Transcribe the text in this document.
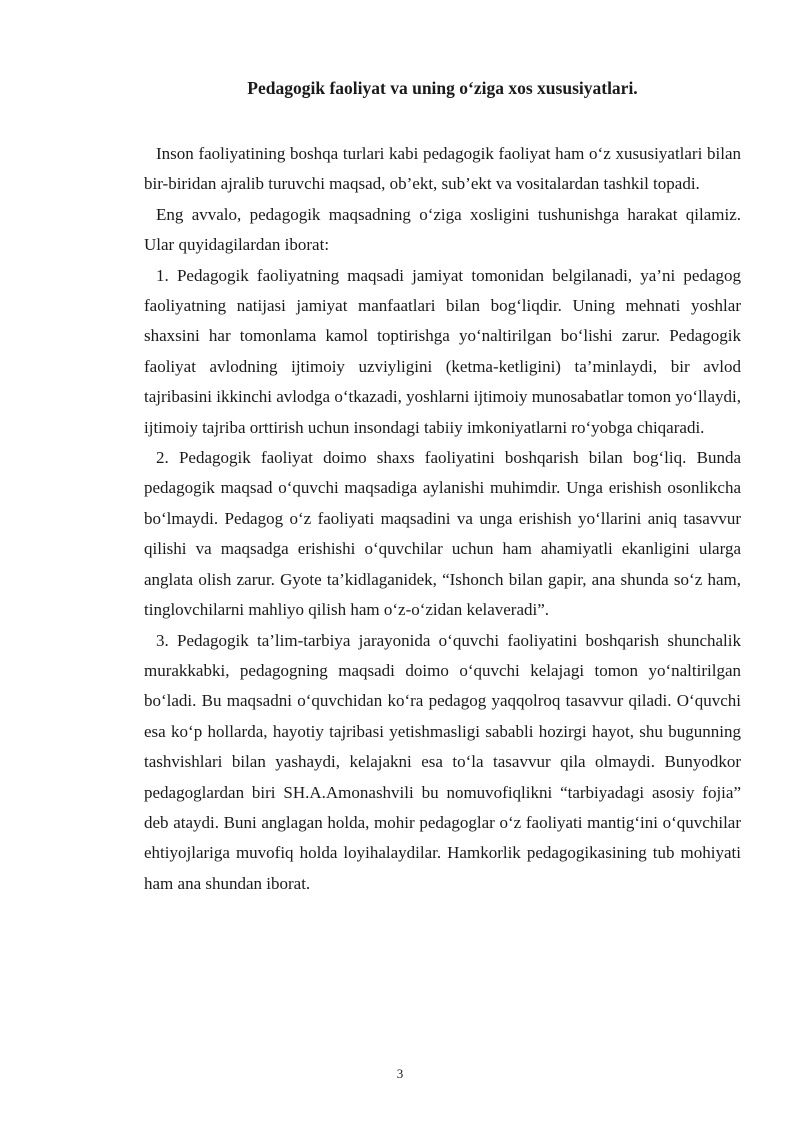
Pedagogik faoliyat va uning o‘ziga xos xususiyatlari.

Inson faoliyatining boshqa turlari kabi pedagogik faoliyat ham o‘z xususiyatlari bilan bir-biridan ajralib turuvchi maqsad, ob’ekt, sub’ekt va vositalardan tashkil topadi.

Eng avvalo, pedagogik maqsadning o‘ziga xosligini tushunishga harakat qilamiz. Ular quyidagilardan iborat:

1. Pedagogik faoliyatning maqsadi jamiyat tomonidan belgilanadi, ya’ni pedagog faoliyatning natijasi jamiyat manfaatlari bilan bog‘liqdir. Uning mehnati yoshlar shaxsini har tomonlama kamol toptirishga yo‘naltirilgan bo‘lishi zarur. Pedagogik faoliyat avlodning ijtimoiy uzviyligini (ketma-ketligini) ta’minlaydi, bir avlod tajribasini ikkinchi avlodga o‘tkazadi, yoshlarni ijtimoiy munosabatlar tomon yo‘llaydi, ijtimoiy tajriba orttirish uchun insondagi tabiiy imkoniyatlarni ro‘yobga chiqaradi.

2. Pedagogik faoliyat doimo shaxs faoliyatini boshqarish bilan bog‘liq. Bunda pedagogik maqsad o‘quvchi maqsadiga aylanishi muhimdir. Unga erishish osonlikcha bo‘lmaydi. Pedagog o‘z faoliyati maqsadini va unga erishish yo‘llarini aniq tasavvur qilishi va maqsadga erishishi o‘quvchilar uchun ham ahamiyatli ekanligini ularga anglata olish zarur. Gyote ta’kidlaganidek, “Ishonch bilan gapir, ana shunda so‘z ham, tinglovchilarni mahliyo qilish ham o‘z-o‘zidan kelaveradi”.

3. Pedagogik ta’lim-tarbiya jarayonida o‘quvchi faoliyatini boshqarish shunchalik murakkabki, pedagogning maqsadi doimo o‘quvchi kelajagi tomon yo‘naltirilgan bo‘ladi. Bu maqsadni o‘quvchidan ko‘ra pedagog yaqqolroq tasavvur qiladi. O‘quvchi esa ko‘p hollarda, hayotiy tajribasi yetishmasligi sababli hozirgi hayot, shu bugunning tashvishlari bilan yashaydi, kelajakni esa to‘la tasavvur qila olmaydi. Bunyodkor pedagoglardan biri SH.A.Amonashvili bu nomuvofiqlikni “tarbiyadagi asosiy fojia” deb ataydi. Buni anglagan holda, mohir pedagoglar o‘z faoliyati mantig‘ini o‘quvchilar ehtiyojlariga muvofiq holda loyihalaydilar. Hamkorlik pedagogikasining tub mohiyati ham ana shundan iborat.

3
